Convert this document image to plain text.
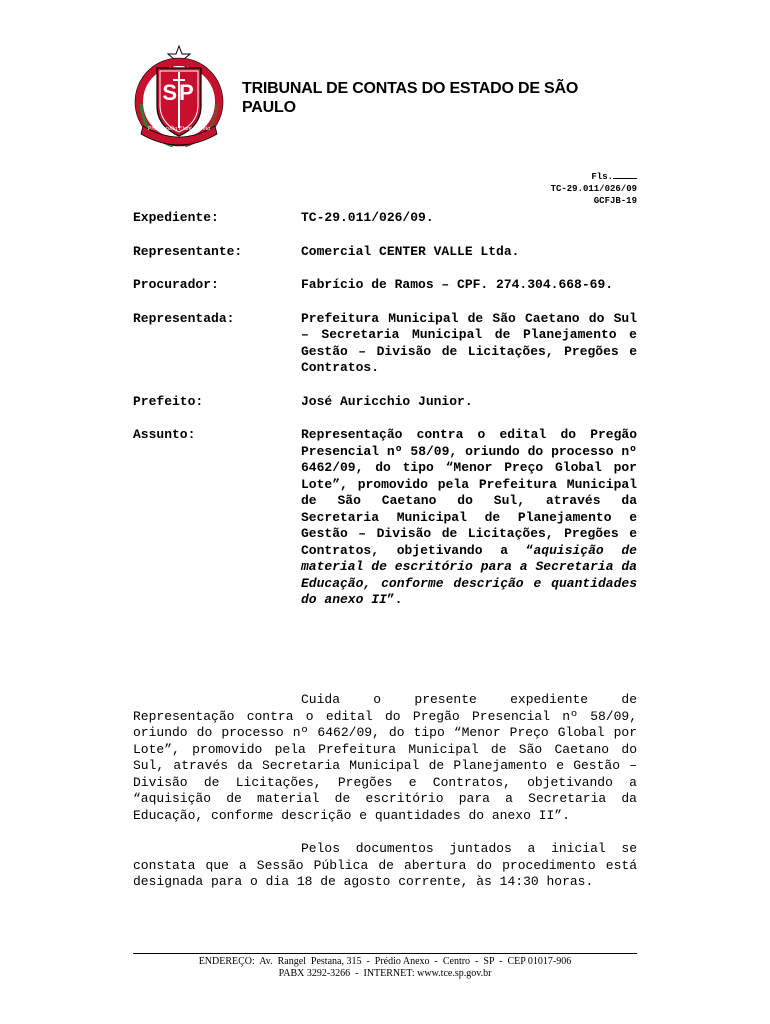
SP
Pro Brasilia Fiant Eximia
TRIBUNAL DE CONTAS DO ESTADO DE SÃO PAULO
Fls.
TC-29.011/026/09
GCFJB-19
Expediente:	TC-29.011/026/09.
Representante:	Comercial CENTER VALLE Ltda.
Procurador:	Fabrício de Ramos – CPF. 274.304.668-69.
Representada:	Prefeitura Municipal de São Caetano do Sul – Secretaria Municipal de Planejamento e Gestão – Divisão de Licitações, Pregões e Contratos.
Prefeito:	José Auricchio Junior.
Assunto:	Representação contra o edital do Pregão Presencial nº 58/09, oriundo do processo nº 6462/09, do tipo “Menor Preço Global por Lote”, promovido pela Prefeitura Municipal de São Caetano do Sul, através da Secretaria Municipal de Planejamento e Gestão – Divisão de Licitações, Pregões e Contratos, objetivando a “aquisição de material de escritório para a Secretaria da Educação, conforme descrição e quantidades do anexo II”.

Cuida o presente expediente de Representação contra o edital do Pregão Presencial nº 58/09, oriundo do processo nº 6462/09, do tipo “Menor Preço Global por Lote”, promovido pela Prefeitura Municipal de São Caetano do Sul, através da Secretaria Municipal de Planejamento e Gestão – Divisão de Licitações, Pregões e Contratos, objetivando a “aquisição de material de escritório para a Secretaria da Educação, conforme descrição e quantidades do anexo II”.

Pelos documentos juntados a inicial se constata que a Sessão Pública de abertura do procedimento está designada para o dia 18 de agosto corrente, às 14:30 horas.

ENDEREÇO:  Av.  Rangel  Pestana, 315  -  Prédio Anexo  -  Centro  -  SP  -  CEP 01017-906
PABX 3292-3266  -  INTERNET: www.tce.sp.gov.br
